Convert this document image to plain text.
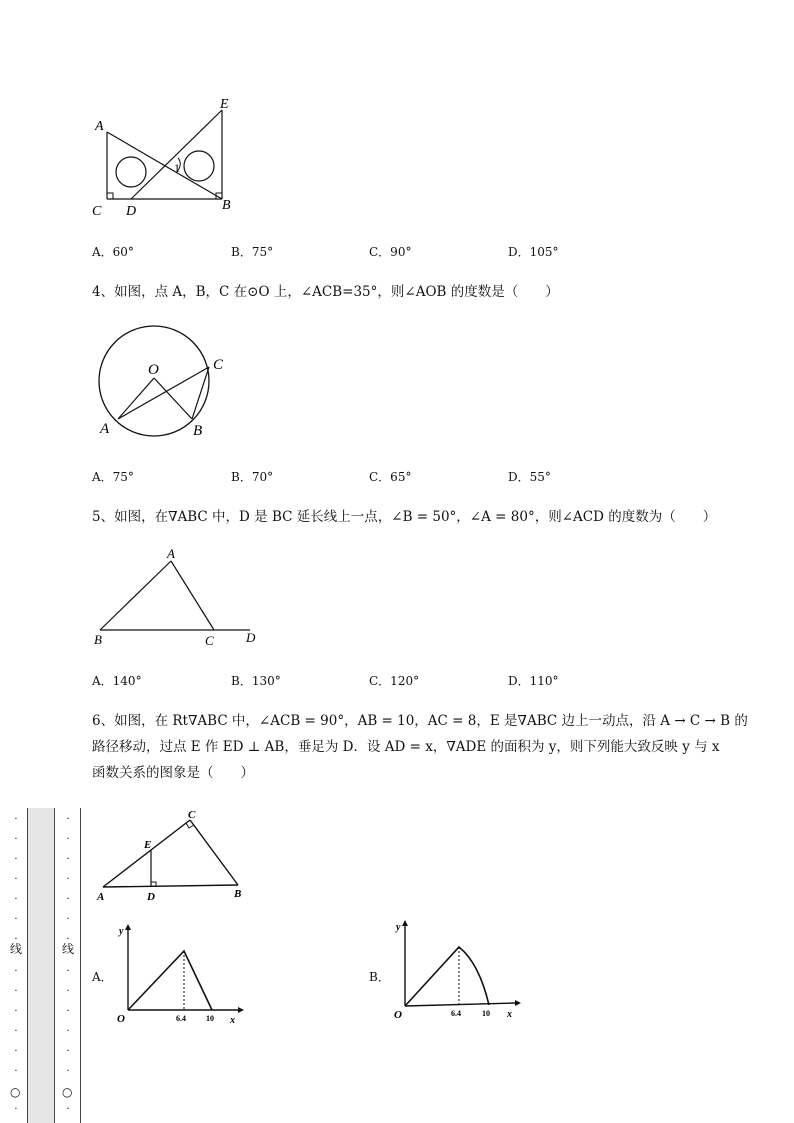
A
E
C D	B
1
A．60°	B．75°	C．90°	D．105°
4、如图，点 A，B，C 在⊙O 上，∠ACB=35°，则∠AOB 的度数是（　　）
O	C
A	B
A．75°	B．70°	C．65°	D．55°
5、如图，在∇ABC 中，D 是 BC 延长线上一点，∠B = 50°，∠A = 80°，则∠ACD 的度数为（　　）
A
B	C D
A．140°	B．130°	C．120°	D．110°
6、如图，在 Rt∇ABC 中，∠ACB = 90°，AB = 10，AC = 8，E 是∇ABC 边上一动点，沿 A → C → B 的
路径移动，过点 E 作 ED ⊥ AB，垂足为 D．设 AD = x，∇ADE 的面积为 y，则下列能大致反映 y 与 x
函数关系的图象是（　　）
C
E
A	D	B
A．
y
x
O	6.4	10
B．
y
x
O	6.4	10
·
·
·
·
·
·
·
线
·
·
·
·
·
·
○
·
·
·
·
·
·
·
·
线
·
·
·
·
·
·
○
·
